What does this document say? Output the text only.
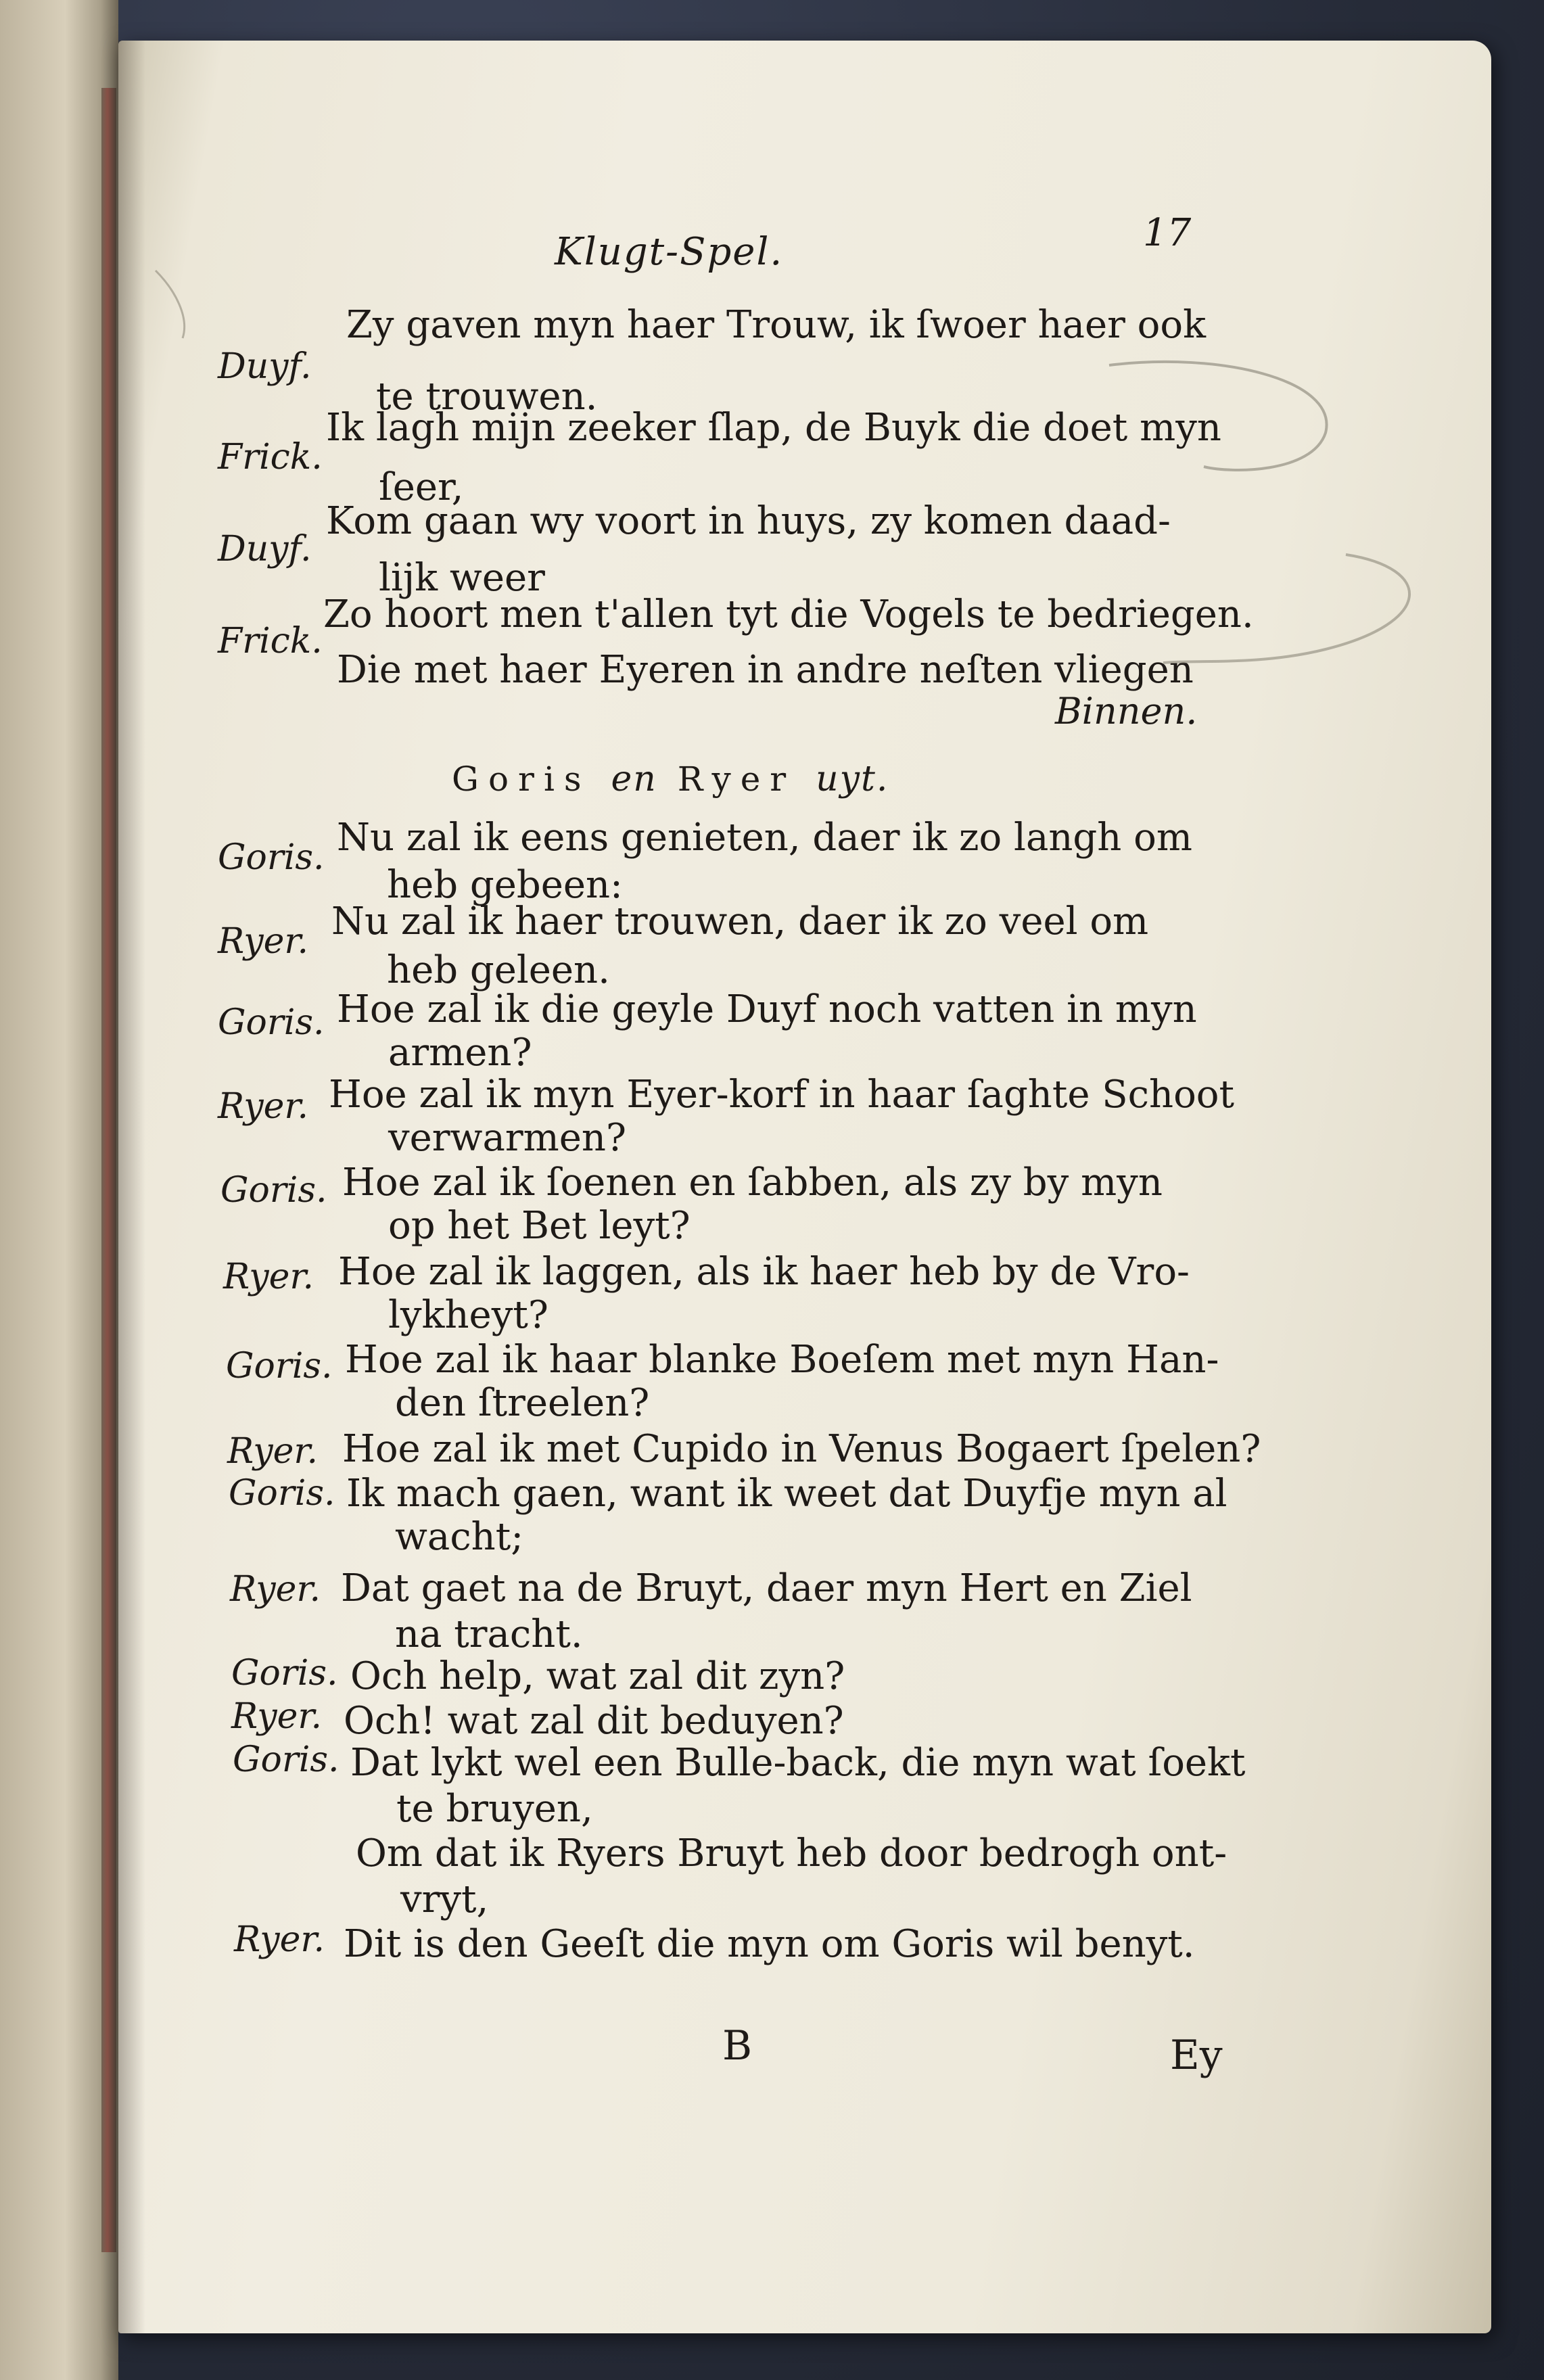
Klugt-Spel.	17
Duyf.
Zy gaven myn haer Trouw, ik ſwoer haer ook
te trouwen.
Frick.
Ik lagh mijn zeeker ſlap, de Buyk die doet myn
ſeer,
Duyf.
Kom gaan wy voort in huys, zy komen daad-
lijk weer
Frick.
Zo hoort men t'allen tyt die Vogels te bedriegen.
Die met haer Eyeren in andre neſten vliegen
Binnen.
Goris en Ryer uyt.
Goris. Nu zal ik eens genieten, daer ik zo langh om
heb gebeen:
Ryer. Nu zal ik haer trouwen, daer ik zo veel om
heb geleen.
Goris. Hoe zal ik die geyle Duyf noch vatten in myn
armen?
Ryer. Hoe zal ik myn Eyer-korf in haar ſaghte Schoot
verwarmen?
Goris. Hoe zal ik ſoenen en ſabben, als zy by myn
op het Bet leyt?
Ryer. Hoe zal ik laggen, als ik haer heb by de Vro-
lykheyt?
Goris. Hoe zal ik haar blanke Boeſem met myn Han-
den ſtreelen?
Ryer. Hoe zal ik met Cupido in Venus Bogaert ſpelen?
Goris. Ik mach gaen, want ik weet dat Duyfje myn al
wacht;
Ryer. Dat gaet na de Bruyt, daer myn Hert en Ziel
na tracht.
Goris. Och help, wat zal dit zyn?
Ryer. Och! wat zal dit beduyen?
Goris. Dat lykt wel een Bulle-back, die myn wat ſoekt
te bruyen,
Om dat ik Ryers Bruyt heb door bedrogh ont-
vryt,
Ryer. Dit is den Geeſt die myn om Goris wil benyt.
B	Ey
